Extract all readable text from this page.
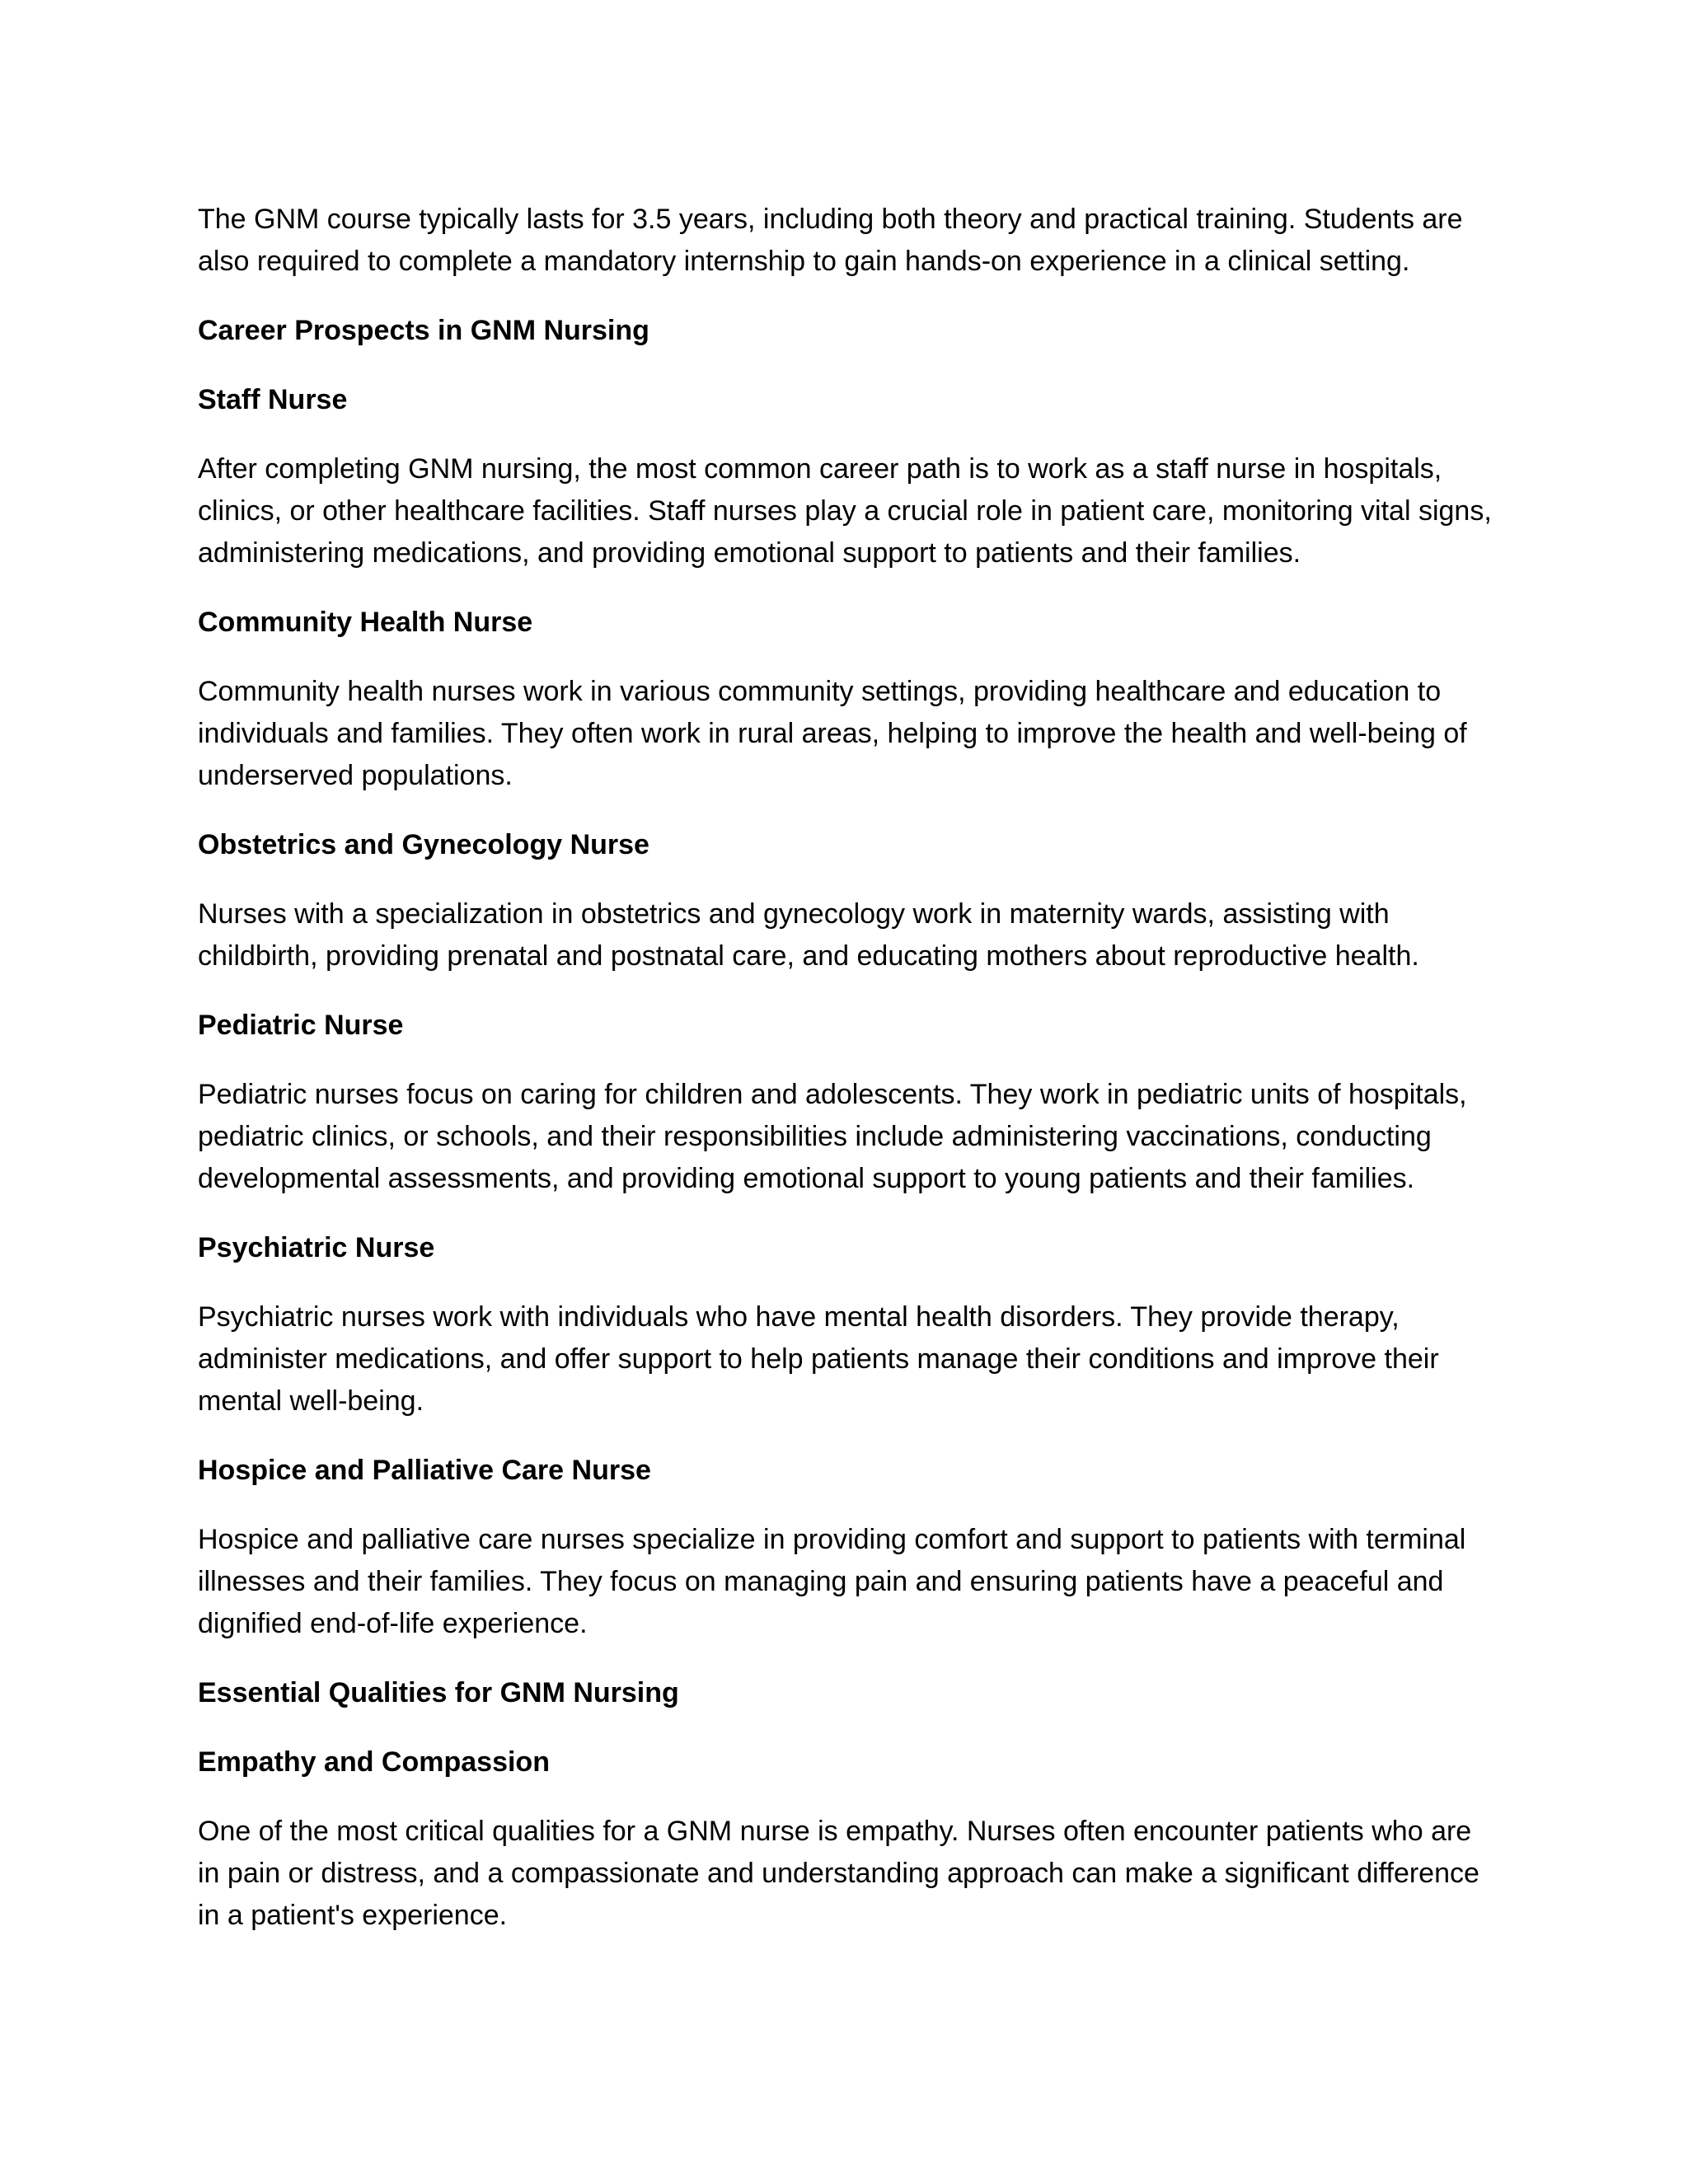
The GNM course typically lasts for 3.5 years, including both theory and practical training. Students are also required to complete a mandatory internship to gain hands-on experience in a clinical setting.

Career Prospects in GNM Nursing

Staff Nurse

After completing GNM nursing, the most common career path is to work as a staff nurse in hospitals, clinics, or other healthcare facilities. Staff nurses play a crucial role in patient care, monitoring vital signs, administering medications, and providing emotional support to patients and their families.

Community Health Nurse

Community health nurses work in various community settings, providing healthcare and education to individuals and families. They often work in rural areas, helping to improve the health and well-being of underserved populations.

Obstetrics and Gynecology Nurse

Nurses with a specialization in obstetrics and gynecology work in maternity wards, assisting with childbirth, providing prenatal and postnatal care, and educating mothers about reproductive health.

Pediatric Nurse

Pediatric nurses focus on caring for children and adolescents. They work in pediatric units of hospitals, pediatric clinics, or schools, and their responsibilities include administering vaccinations, conducting developmental assessments, and providing emotional support to young patients and their families.

Psychiatric Nurse

Psychiatric nurses work with individuals who have mental health disorders. They provide therapy, administer medications, and offer support to help patients manage their conditions and improve their mental well-being.

Hospice and Palliative Care Nurse

Hospice and palliative care nurses specialize in providing comfort and support to patients with terminal illnesses and their families. They focus on managing pain and ensuring patients have a peaceful and dignified end-of-life experience.

Essential Qualities for GNM Nursing

Empathy and Compassion

One of the most critical qualities for a GNM nurse is empathy. Nurses often encounter patients who are in pain or distress, and a compassionate and understanding approach can make a significant difference in a patient's experience.
